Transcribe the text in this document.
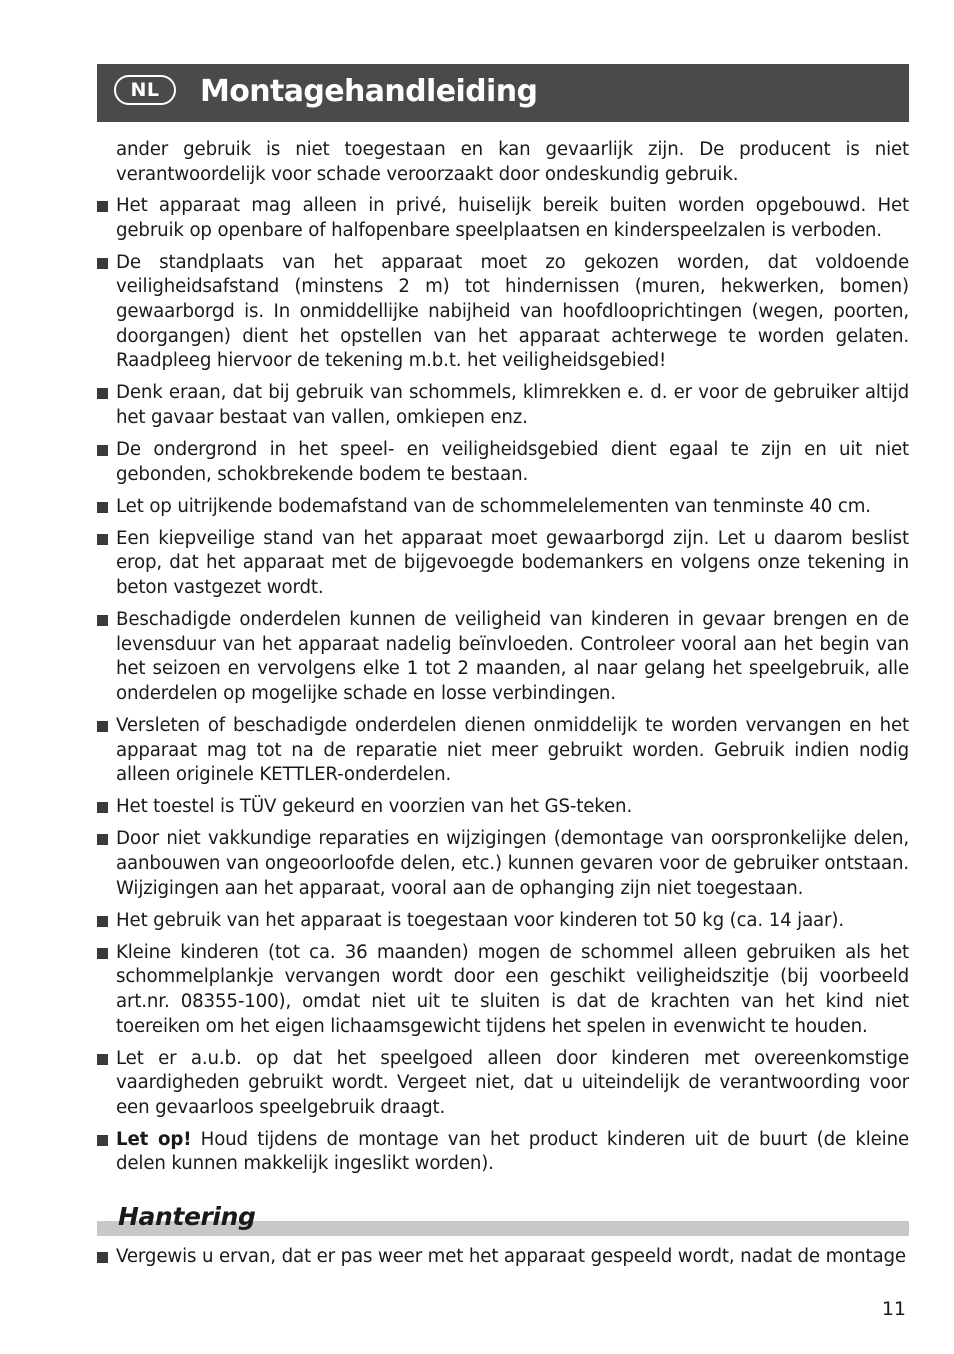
NL	Montagehandleiding

ander gebruik is niet toegestaan en kan gevaarlijk zijn. De producent is niet verantwoordelijk voor schade veroorzaakt door ondeskundig gebruik.

Het apparaat mag alleen in privé, huiselijk bereik buiten worden opgebouwd. Het gebruik op openbare of halfopenbare speelplaatsen en kinderspeelzalen is verboden.
De standplaats van het apparaat moet zo gekozen worden, dat voldoende veiligheidsafstand (minstens 2 m) tot hindernissen (muren, hekwerken, bomen) gewaarborgd is. In onmiddellijke nabijheid van hoofdlooprichtingen (wegen, poorten, doorgangen) dient het opstellen van het apparaat achterwege te worden gelaten. Raadpleeg hiervoor de tekening m.b.t. het veiligheidsgebied!
Denk eraan, dat bij gebruik van schommels, klimrekken e. d. er voor de gebruiker altijd het gavaar bestaat van vallen, omkiepen enz.
De ondergrond in het speel- en veiligheidsgebied dient egaal te zijn en uit niet gebonden, schokbrekende bodem te bestaan.
Let op uitrijkende bodemafstand van de schommelelementen van tenminste 40 cm.
Een kiepveilige stand van het apparaat moet gewaarborgd zijn. Let u daarom beslist erop, dat het apparaat met de bijgevoegde bodemankers en volgens onze tekening in beton vastgezet wordt.
Beschadigde onderdelen kunnen de veiligheid van kinderen in gevaar brengen en de levensduur van het apparaat nadelig beïnvloeden. Controleer vooral aan het begin van het seizoen en vervolgens elke 1 tot 2 maanden, al naar gelang het speelgebruik, alle onderdelen op mogelijke schade en losse verbindingen.
Versleten of beschadigde onderdelen dienen onmiddelijk te worden vervangen en het apparaat mag tot na de reparatie niet meer gebruikt worden. Gebruik indien nodig alleen originele KETTLER-onderdelen.
Het toestel is TÜV gekeurd en voorzien van het GS-teken.
Door niet vakkundige reparaties en wijzigingen (demontage van oorspronkelijke delen, aanbouwen van ongeoorloofde delen, etc.) kunnen gevaren voor de gebruiker ontstaan. Wijzigingen aan het apparaat, vooral aan de ophanging zijn niet toegestaan.
Het gebruik van het apparaat is toegestaan voor kinderen tot 50 kg (ca. 14 jaar).
Kleine kinderen (tot ca. 36 maanden) mogen de schommel alleen gebruiken als het schommelplankje vervangen wordt door een geschikt veiligheidszitje (bij voorbeeld art.nr. 08355-100), omdat niet uit te sluiten is dat de krachten van het kind niet toereiken om het eigen lichaamsgewicht tijdens het spelen in evenwicht te houden.
Let er a.u.b. op dat het speelgoed alleen door kinderen met overeenkomstige vaardigheden gebruikt wordt. Vergeet niet, dat u uiteindelijk de verantwoording voor een gevaarloos speelgebruik draagt.
Let op! Houd tijdens de montage van het product kinderen uit de buurt (de kleine delen kunnen makkelijk ingeslikt worden).
Hantering
Vergewis u ervan, dat er pas weer met het apparaat gespeeld wordt, nadat de montage
11
